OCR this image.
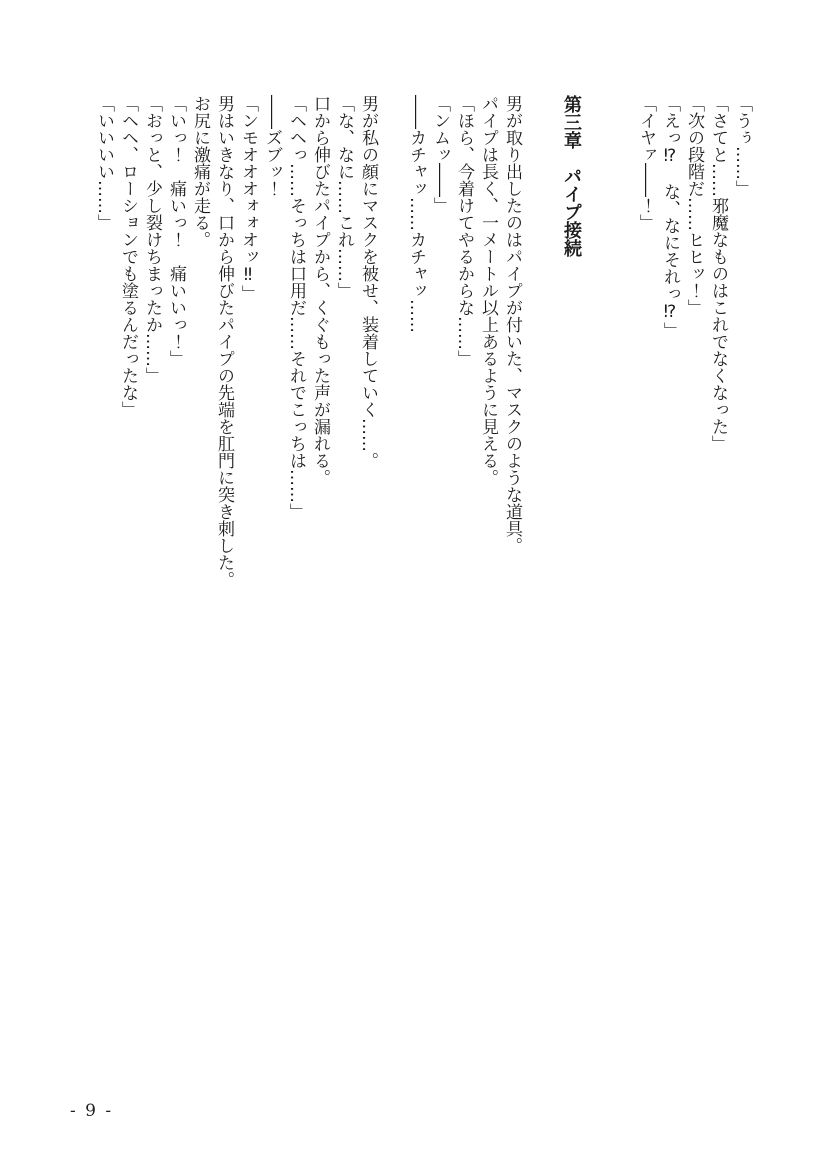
「うぅ……」

「さてと……邪魔なものはこれでなくなった」

「次の段階だ……ヒヒッ！」

「えっ⁉　な、なにそれっ⁉」

「イヤァ――！」

第三章　パイプ接続

男が取り出したのはパイプが付いた、マスクのような道具。

パイプは長く、一メートル以上あるように見える。

「ほら、今着けてやるからな……」

「ンムッ――」

――カチャッ……カチャッ……

男が私の顔にマスクを被せ、装着していく……。

「な、なに……これ……」

口から伸びたパイプから、くぐもった声が漏れる。

「ヘヘっ……そっちは口用だ……それでこっちは……」

――ズブッ！

「ンモオオオォォオッ‼」

男はいきなり、口から伸びたパイプの先端を肛門に突き刺した。

お尻に激痛が走る。

「いっ！　痛いっ！　痛いいっ！」

「おっと、少し裂けちまったか……」

「ヘヘ、ローションでも塗るんだったな」

「いいいい……」

- 9 -
